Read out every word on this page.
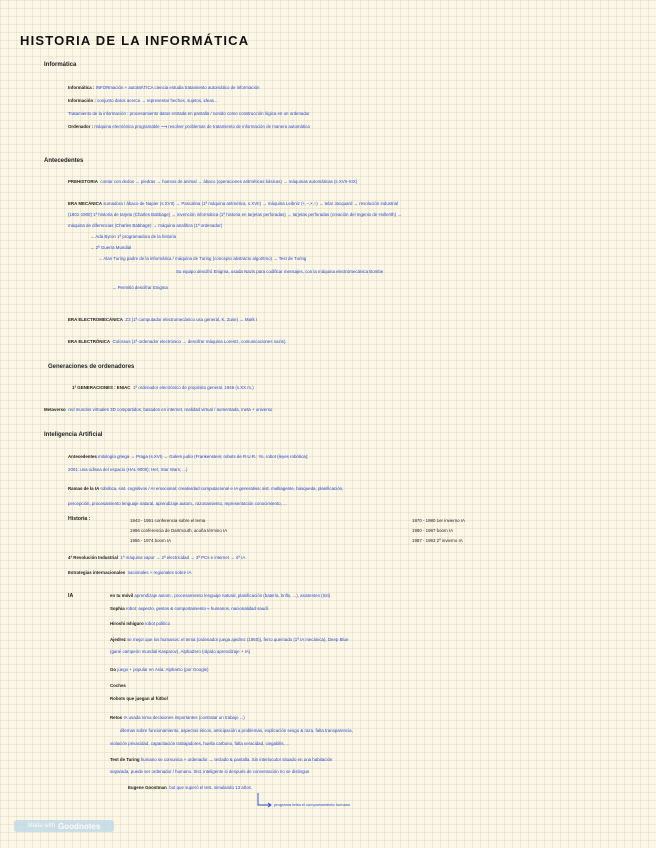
HISTORIA DE LA INFORMÁTICA
Informática
Informática : INFORmación + autoMÁTICA ciencia estudia tratamiento automático de información
Información : conjunto datos acerca → representar hechos, sujetos, ideas...
Tratamiento de la información : procesamiento datos entrada en pantalla / sonido como construcción lógica en un ordenador
Ordenador : máquina electrónica programable ⟶ resolver problemas de tratamiento de información de manera automática
Antecedentes
PREHISTORIA contar con dedos → piedras → huesos de animal → ábaco (operaciones aritméticas básicas) → máquinas automáticas (s.XVII-XIX)
ERA MECÁNICA sumadora / ábaco de Napier (s.XVII) → Pascalina (1ª máquina aritmética, s.XVII) → máquina Leibniz (+,−,×,÷) → telar Jacquard → revolución industrial
(1801-1900) 1ª historia de tarjeta (Charles Babbage) → invención informática (1ª historia en tarjetas perforadas) → tarjetas perforadas (creación del Ingenio de Hollerith) →
máquina de diferencias (Charles Babbage) → máquina analítica (1ª ordenador)
→ Ada Byron 1ª programadora de la historia
→ 2ª Guerra Mundial
→ Alan Turing padre de la informática / máquina de Turing (concepto abstracto algoritmo) → Test de Turing
Su equipo descifró Enigma, usada Nazis para codificar mensajes, con la máquina electromecánica Bombe
→ Permitió descifrar Enigma
ERA ELECTROMECÁNICA Z3 (1ª computador electromecánico uso general, K. Zuse) → Mark I
ERA ELECTRÓNICA Colossus (1ª ordenador electrónico → descifrar máquina Lorentz, comunicaciones nazis).
Generaciones de ordenadores
1ª GENERACIONES : ENIAC 1ª ordenador electrónico de propósito general, 1946 (s.XX m.)
Metaverso red mundos virtuales 3D compartidos, basados en internet, realidad virtual / aumentada, meta + universo
Inteligencia Artificial
Antecedentes mitología griega → Praga (s.XVI) → Golem judío (Frankenstein; robots de R.U.R.; Yo, robot (leyes robótica);
2001: una odisea del espacio (HAL 9000); Her; Star Wars; ...)
Ramas de la IA robótica, sist. cognitivos / AI emocional; creatividad computacional e IA generativa; sist. multiagente, búsqueda, planificación,
percepción, procesamiento lenguaje natural, aprendizaje autom., razonamiento, representación conocimiento, ...
Historia :	1943 - 1951 conferencia sobre el tema	1970 - 1980 1er invierno IA
1956 conferencia de Dartmouth, acuña término IA	1980 - 1987 boom IA
1956 - 1974 boom IA	1987 - 1993 2º invierno IA
4ª Revolución Industrial 1ª máquina vapor → 2ª electricidad → 3ª PCs e internet → 4ª IA
Estrategias internacionales nacionales + regionales sobre IA
IA	en tu móvil aprendizaje autom., procesamiento lenguaje natural, planificación (batería, brillo, ...), asistentes (Siri)
Sophia robot; aspecto, gestos & comportamiento ≈ humanos, nacionalidad saudí.
Hiroshi Ishiguro robot político
Ajedrez se mejor que los humanos: el tema (ordenador juega ajedrez (1950)), ferro quemado (1ª IA mecánica), Deep Blue
(gané campeón mundial Kasparov), AlphaZero (rápido aprendizaje + IA)
Go juego + popular en Asia: AlphaGo (por Google)
Coches
Robots que juegan al fútbol
Retos IA usada toma decisiones importantes (contratar un trabajo ...)
dilemas sobre funcionamiento, aspectos éticos, anticipación a problemas, explicación sesgo & raza, falta transparencia,
violación privacidad, capacitación trabajadores, huella carbono, falta veracidad, ciegabilis, ...
Test de Turing humano se comunica + ordenador → teclado & pantalla. Sin interlocutor situado en una habitación
separada, puede ser ordenador / humano. Sist. inteligente si después de conversación no se distingue
Eugene Goostman bot que superó el test, simulando 13 años.
programa imita el comportamiento humano
Made with Goodnotes
